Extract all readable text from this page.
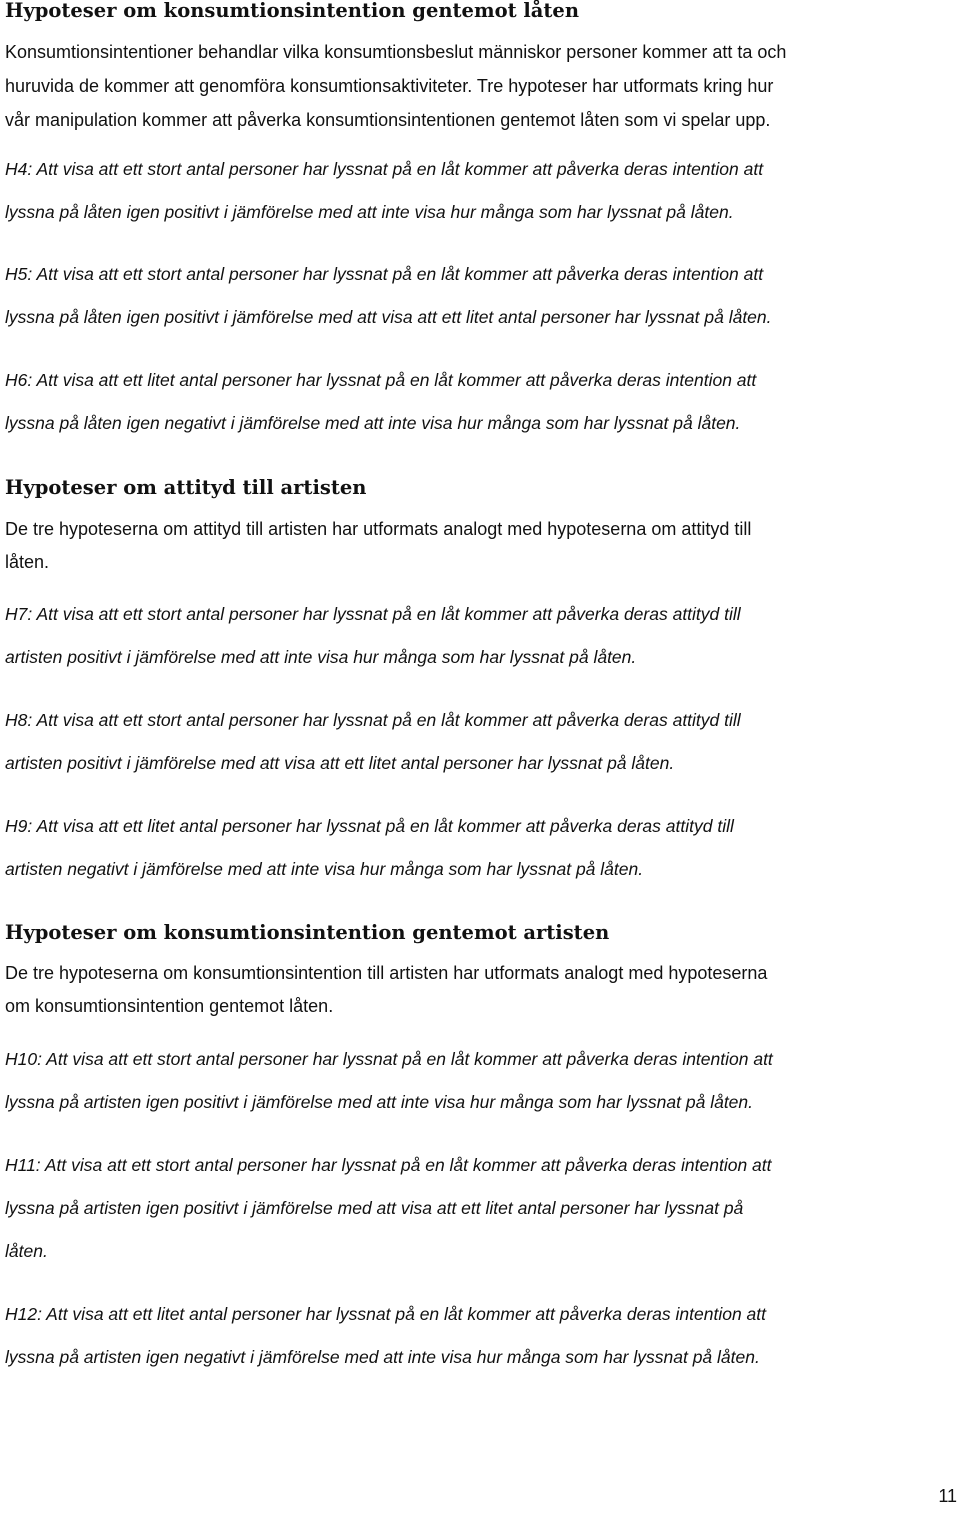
Hypoteser om konsumtionsintention gentemot låten

Konsumtionsintentioner behandlar vilka konsumtionsbeslut människor personer kommer att ta och
huruvida de kommer att genomföra konsumtionsaktiviteter. Tre hypoteser har utformats kring hur
vår manipulation kommer att påverka konsumtionsintentionen gentemot låten som vi spelar upp.

H4: Att visa att ett stort antal personer har lyssnat på en låt kommer att påverka deras intention att
lyssna på låten igen positivt i jämförelse med att inte visa hur många som har lyssnat på låten.
H5: Att visa att ett stort antal personer har lyssnat på en låt kommer att påverka deras intention att
lyssna på låten igen positivt i jämförelse med att visa att ett litet antal personer har lyssnat på låten.
H6: Att visa att ett litet antal personer har lyssnat på en låt kommer att påverka deras intention att
lyssna på låten igen negativt i jämförelse med att inte visa hur många som har lyssnat på låten.
Hypoteser om attityd till artisten

De tre hypoteserna om attityd till artisten har utformats analogt med hypoteserna om attityd till
låten.

H7: Att visa att ett stort antal personer har lyssnat på en låt kommer att påverka deras attityd till
artisten positivt i jämförelse med att inte visa hur många som har lyssnat på låten.
H8: Att visa att ett stort antal personer har lyssnat på en låt kommer att påverka deras attityd till
artisten positivt i jämförelse med att visa att ett litet antal personer har lyssnat på låten.
H9: Att visa att ett litet antal personer har lyssnat på en låt kommer att påverka deras attityd till
artisten negativt i jämförelse med att inte visa hur många som har lyssnat på låten.
Hypoteser om konsumtionsintention gentemot artisten

De tre hypoteserna om konsumtionsintention till artisten har utformats analogt med hypoteserna
om konsumtionsintention gentemot låten.

H10: Att visa att ett stort antal personer har lyssnat på en låt kommer att påverka deras intention att
lyssna på artisten igen positivt i jämförelse med att inte visa hur många som har lyssnat på låten.
H11: Att visa att ett stort antal personer har lyssnat på en låt kommer att påverka deras intention att
lyssna på artisten igen positivt i jämförelse med att visa att ett litet antal personer har lyssnat på
låten.
H12: Att visa att ett litet antal personer har lyssnat på en låt kommer att påverka deras intention att
lyssna på artisten igen negativt i jämförelse med att inte visa hur många som har lyssnat på låten.

11
